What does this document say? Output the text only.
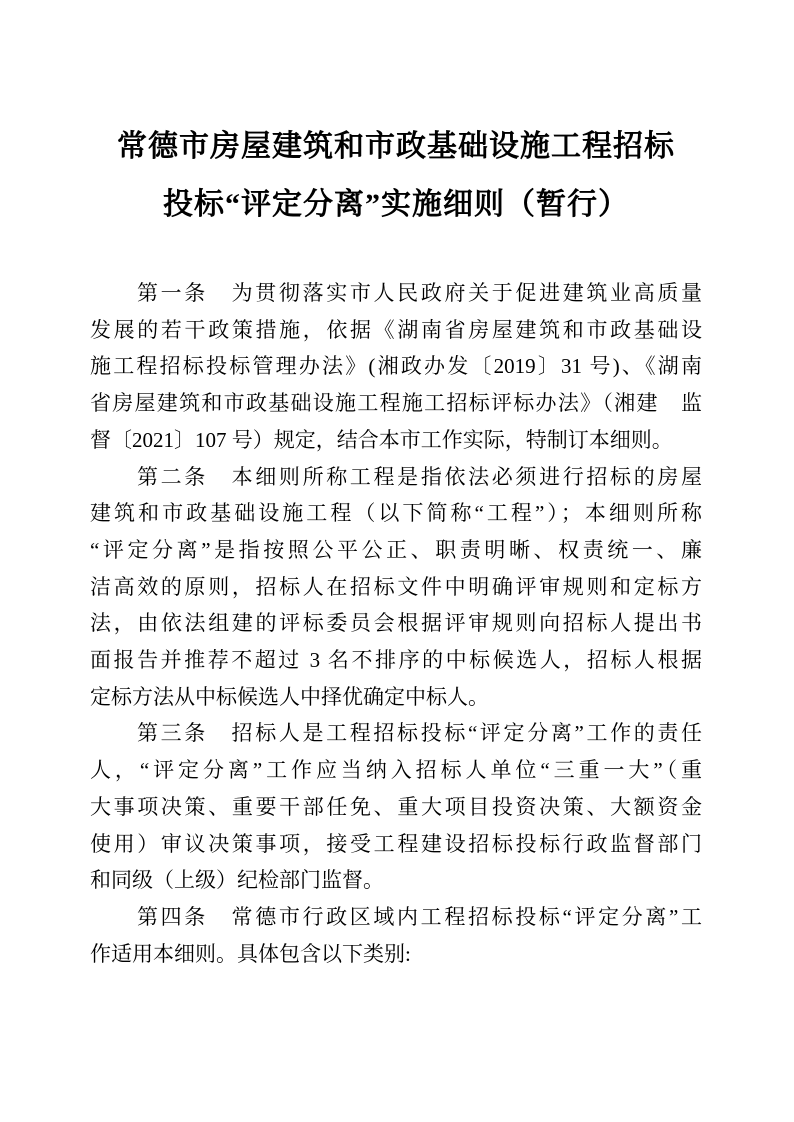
常德市房屋建筑和市政基础设施工程招标
投标“评定分离”实施细则（暂行）
第一条　为贯彻落实市人民政府关于促进建筑业高质量
发展的若干政策措施，依据《湖南省房屋建筑和市政基础设
施工程招标投标管理办法》(湘政办发〔2019〕31 号)、《湖南
省房屋建筑和市政基础设施工程施工招标评标办法》（湘建　监
督〔2021〕107 号）规定，结合本市工作实际，特制订本细则。
第二条　本细则所称工程是指依法必须进行招标的房屋
建筑和市政基础设施工程（以下简称“工程”）；本细则所称
“评定分离”是指按照公平公正、职责明晰、权责统一、廉
洁高效的原则，招标人在招标文件中明确评审规则和定标方
法，由依法组建的评标委员会根据评审规则向招标人提出书
面报告并推荐不超过 3 名不排序的中标候选人，招标人根据
定标方法从中标候选人中择优确定中标人。
第三条　招标人是工程招标投标“评定分离”工作的责任
人，“评定分离”工作应当纳入招标人单位“三重一大”（重
大事项决策、重要干部任免、重大项目投资决策、大额资金
使用）审议决策事项，接受工程建设招标投标行政监督部门
和同级（上级）纪检部门监督。
第四条　常德市行政区域内工程招标投标“评定分离”工
作适用本细则。具体包含以下类别:
